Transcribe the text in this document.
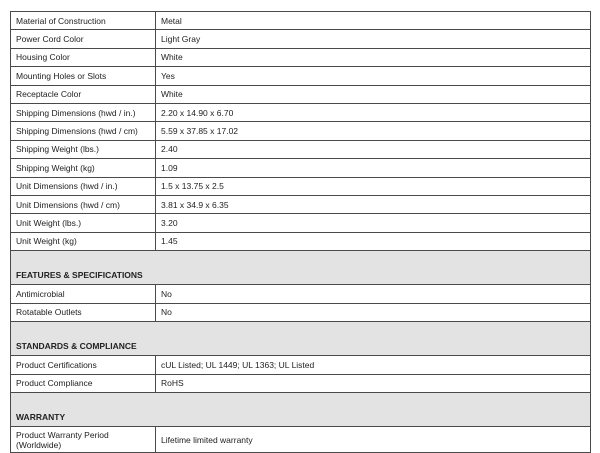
Material of Construction	Metal
Power Cord Color	Light Gray
Housing Color	White
Mounting Holes or Slots	Yes
Receptacle Color	White
Shipping Dimensions (hwd / in.)	2.20 x 14.90 x 6.70
Shipping Dimensions (hwd / cm)	5.59 x 37.85 x 17.02
Shipping Weight (lbs.)	2.40
Shipping Weight (kg)	1.09
Unit Dimensions (hwd / in.)	1.5 x 13.75 x 2.5
Unit Dimensions (hwd / cm)	3.81 x 34.9 x 6.35
Unit Weight (lbs.)	3.20
Unit Weight (kg)	1.45
FEATURES & SPECIFICATIONS	
Antimicrobial	No
Rotatable Outlets	No
STANDARDS & COMPLIANCE	
Product Certifications	cUL Listed; UL 1449; UL 1363; UL Listed
Product Compliance	RoHS
WARRANTY	
Product Warranty Period (Worldwide)	Lifetime limited warranty
